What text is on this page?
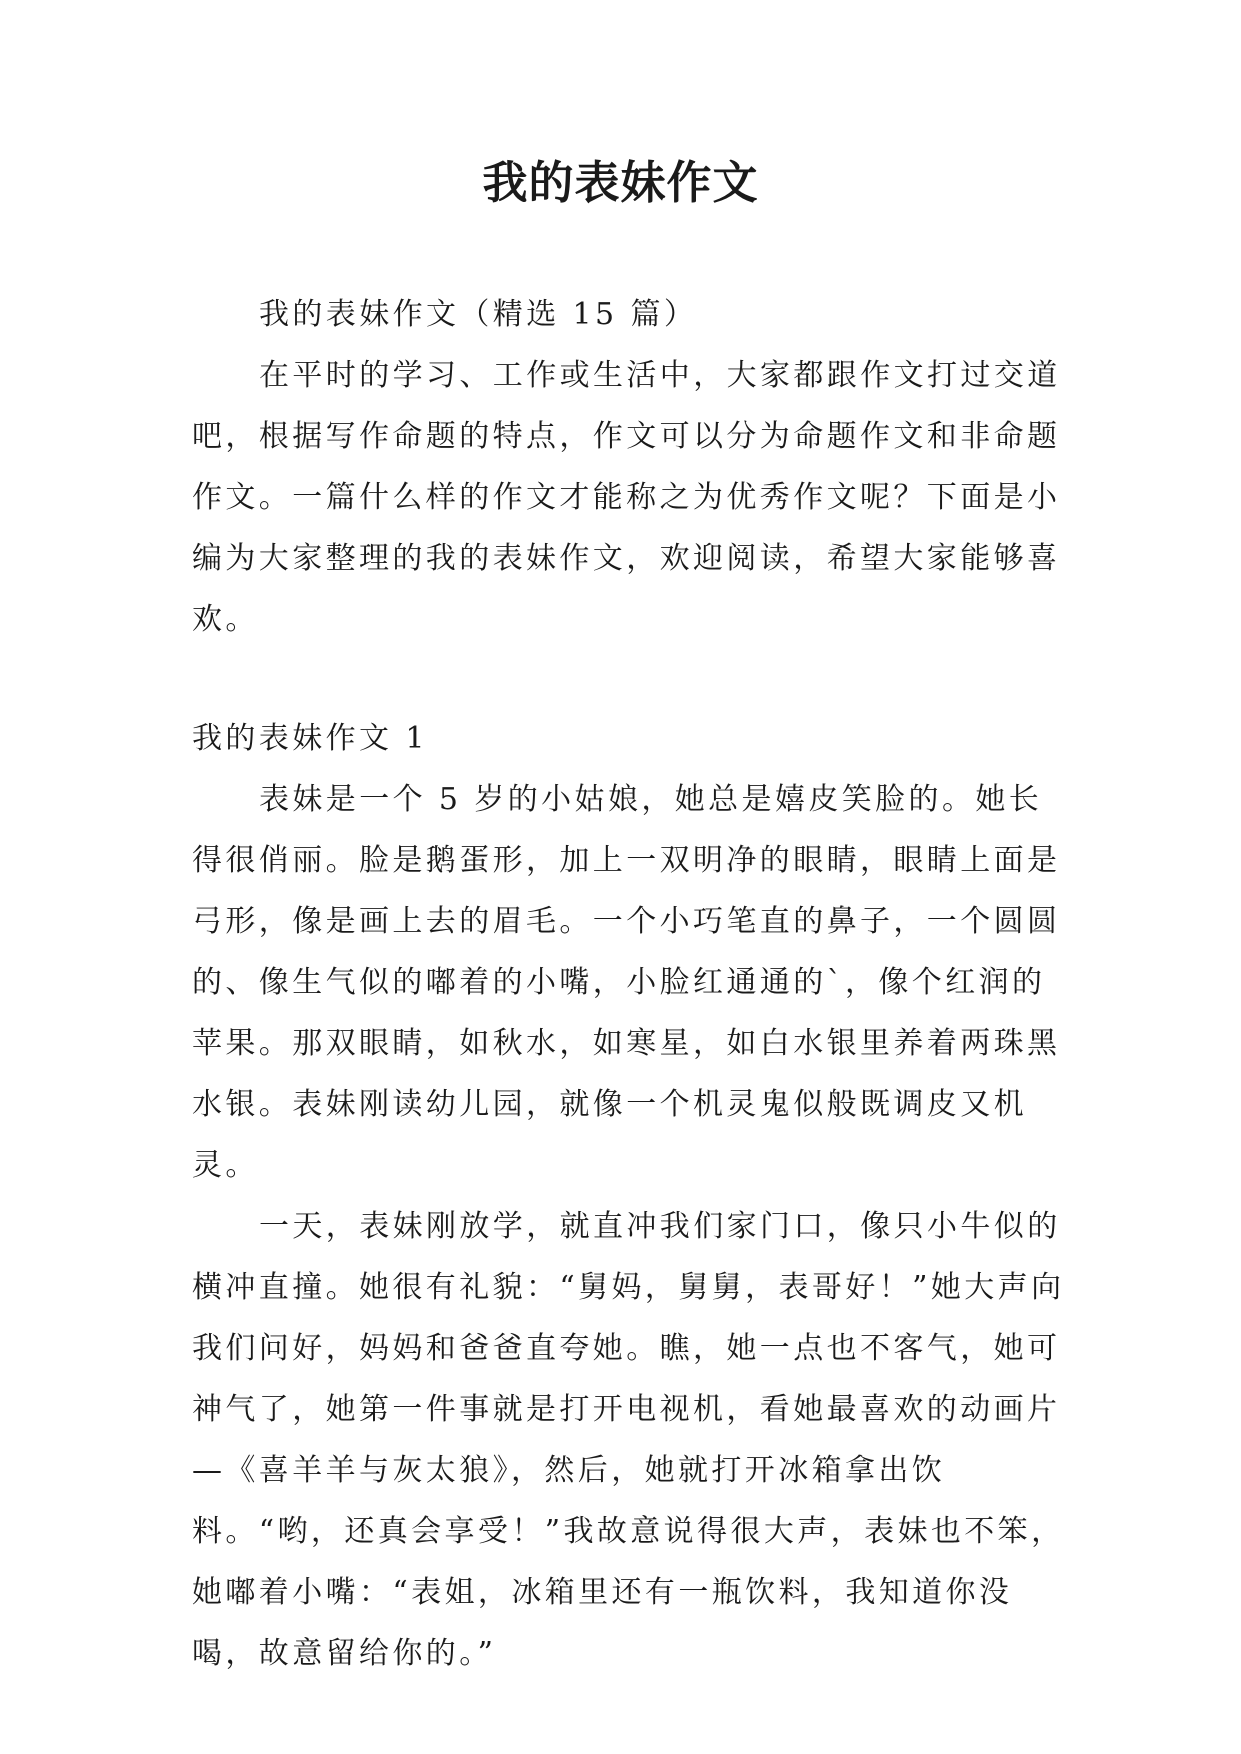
我的表妹作文

我的表妹作文（精选 15 篇）

在平时的学习、工作或生活中，大家都跟作文打过交道吧，根据写作命题的特点，作文可以分为命题作文和非命题作文。一篇什么样的作文才能称之为优秀作文呢？下面是小编为大家整理的我的表妹作文，欢迎阅读，希望大家能够喜欢。

我的表妹作文 1

表妹是一个 5 岁的小姑娘，她总是嬉皮笑脸的。她长得很俏丽。脸是鹅蛋形，加上一双明净的眼睛，眼睛上面是弓形，像是画上去的眉毛。一个小巧笔直的鼻子，一个圆圆的、像生气似的嘟着的小嘴，小脸红通通的`，像个红润的苹果。那双眼睛，如秋水，如寒星，如白水银里养着两珠黑水银。表妹刚读幼儿园，就像一个机灵鬼似般既调皮又机灵。

一天，表妹刚放学，就直冲我们家门口，像只小牛似的横冲直撞。她很有礼貌：“舅妈，舅舅，表哥好！”她大声向我们问好，妈妈和爸爸直夸她。瞧，她一点也不客气，她可神气了，她第一件事就是打开电视机，看她最喜欢的动画片—《喜羊羊与灰太狼》，然后，她就打开冰箱拿出饮料。“哟，还真会享受！”我故意说得很大声，表妹也不笨，她嘟着小嘴：“表姐，冰箱里还有一瓶饮料，我知道你没喝，故意留给你的。”
